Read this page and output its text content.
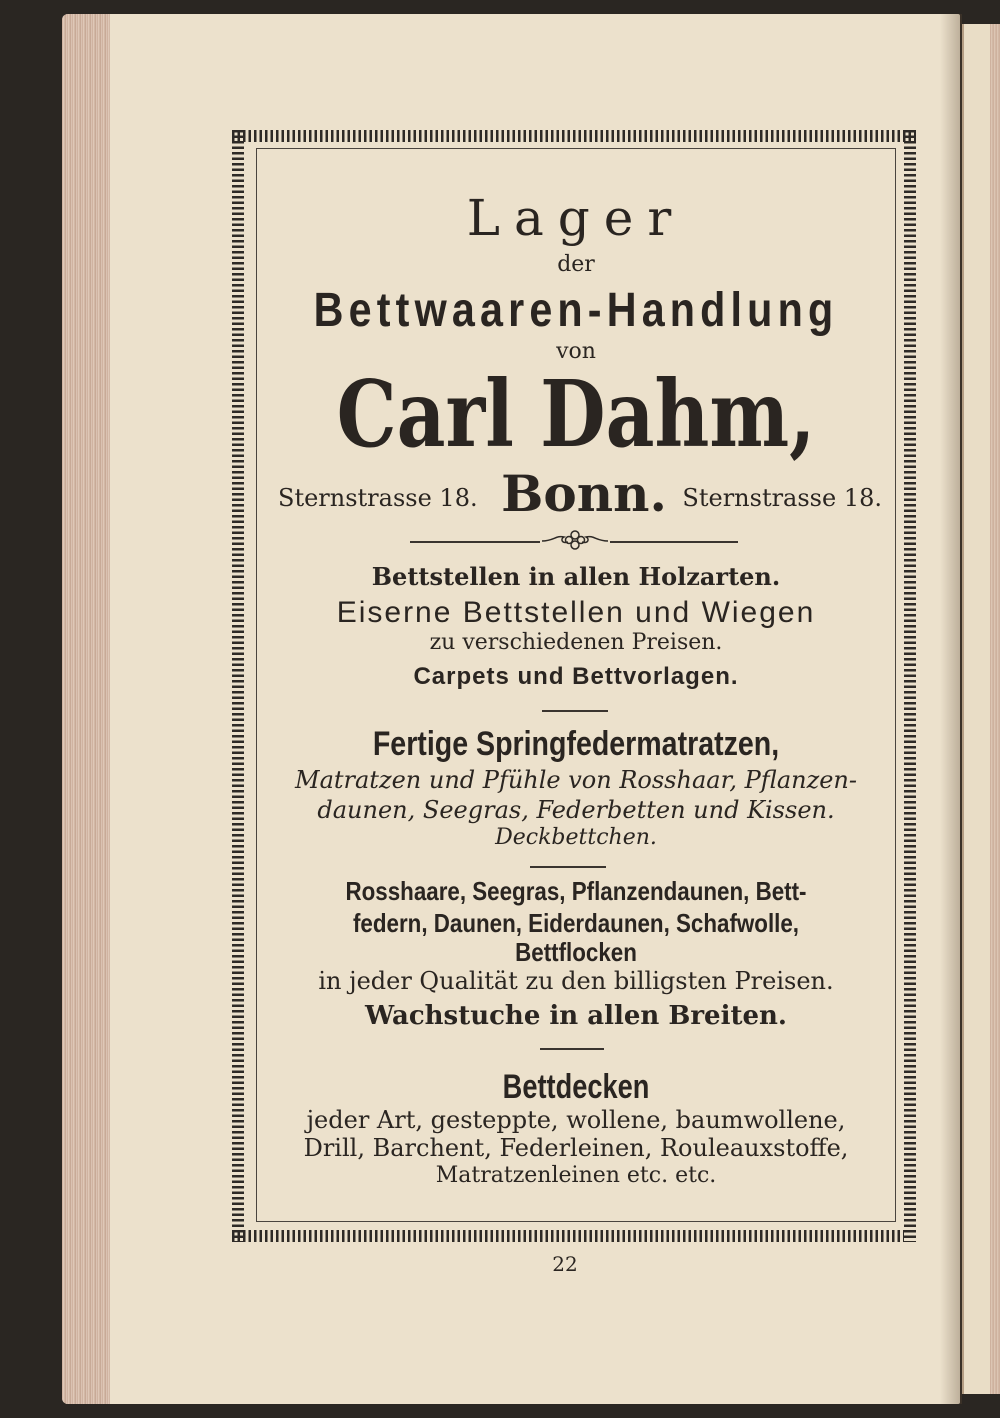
Lager

der

Bettwaaren-Handlung

von

Carl Dahm,

Sternstrasse 18. Bonn. Sternstrasse 18.

Bettstellen in allen Holzarten.

Eiserne Bettstellen und Wiegen

zu verschiedenen Preisen.

Carpets und Bettvorlagen.

Fertige Springfedermatratzen,

Matratzen und Pfühle von Rosshaar, Pflanzen-

daunen, Seegras, Federbetten und Kissen.

Deckbettchen.

Rosshaare, Seegras, Pflanzendaunen, Bett-

federn, Daunen, Eiderdaunen, Schafwolle,

Bettflocken

in jeder Qualität zu den billigsten Preisen.

Wachstuche in allen Breiten.

Bettdecken

jeder Art, gesteppte, wollene, baumwollene,

Drill, Barchent, Federleinen, Rouleauxstoffe,

Matratzenleinen etc. etc.

22
